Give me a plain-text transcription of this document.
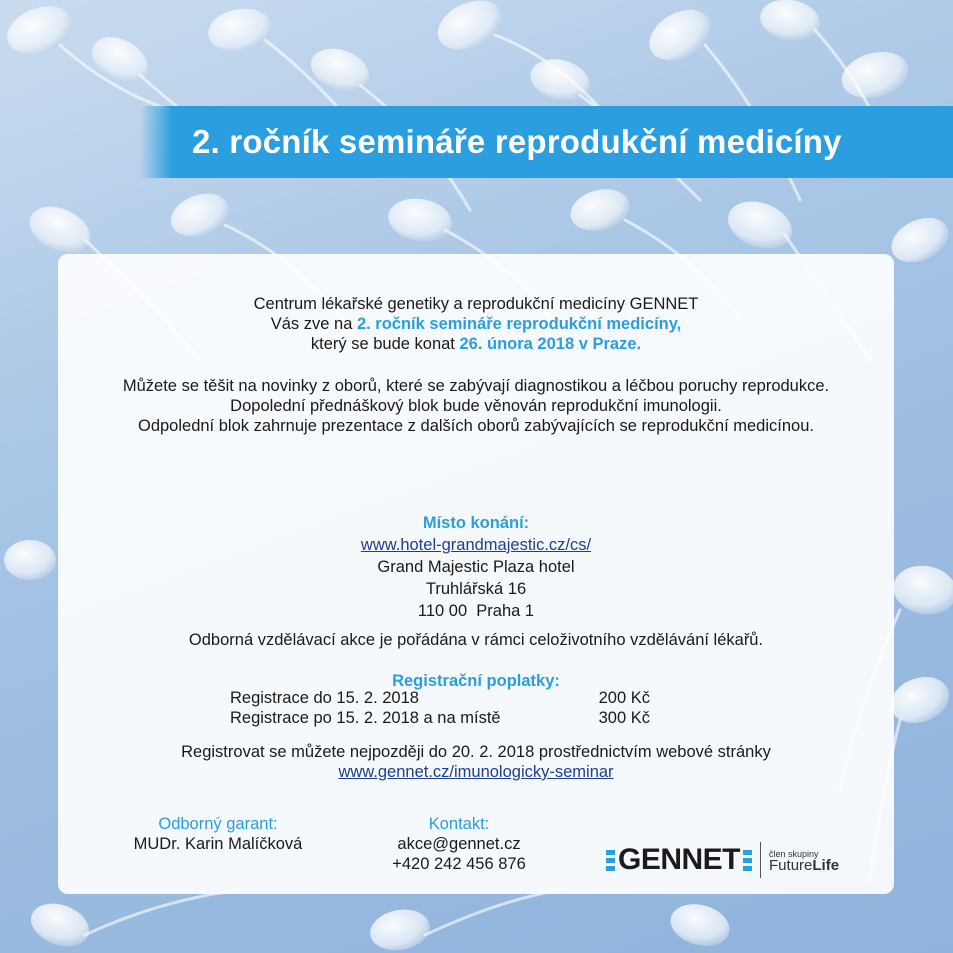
2. ročník semináře reprodukční medicíny
Centrum lékařské genetiky a reprodukční medicíny GENNET
Vás zve na 2. ročník semináře reprodukční medicíny,
který se bude konat 26. února 2018 v Praze.
Můžete se těšit na novinky z oborů, které se zabývají diagnostikou a léčbou poruchy reprodukce.
Dopolední přednáškový blok bude věnován reprodukční imunologii.
Odpolední blok zahrnuje prezentace z dalších oborů zabývajících se reprodukční medicínou.
Místo konání:
www.hotel-grandmajestic.cz/cs/
Grand Majestic Plaza hotel
Truhlářská 16
110 00  Praha 1
Odborná vzdělávací akce je pořádána v rámci celoživotního vzdělávání lékařů.
Registrační poplatky:
Registrace do 15. 2. 2018	200 Kč
Registrace po 15. 2. 2018 a na místě	300 Kč
Registrovat se můžete nejpozději do 20. 2. 2018 prostřednictvím webové stránky
www.gennet.cz/imunologicky-seminar
Odborný garant:
MUDr. Karin Malíčková
Kontakt:
akce@gennet.cz
+420 242 456 876	GENNET	člen skupiny
FutureLife
